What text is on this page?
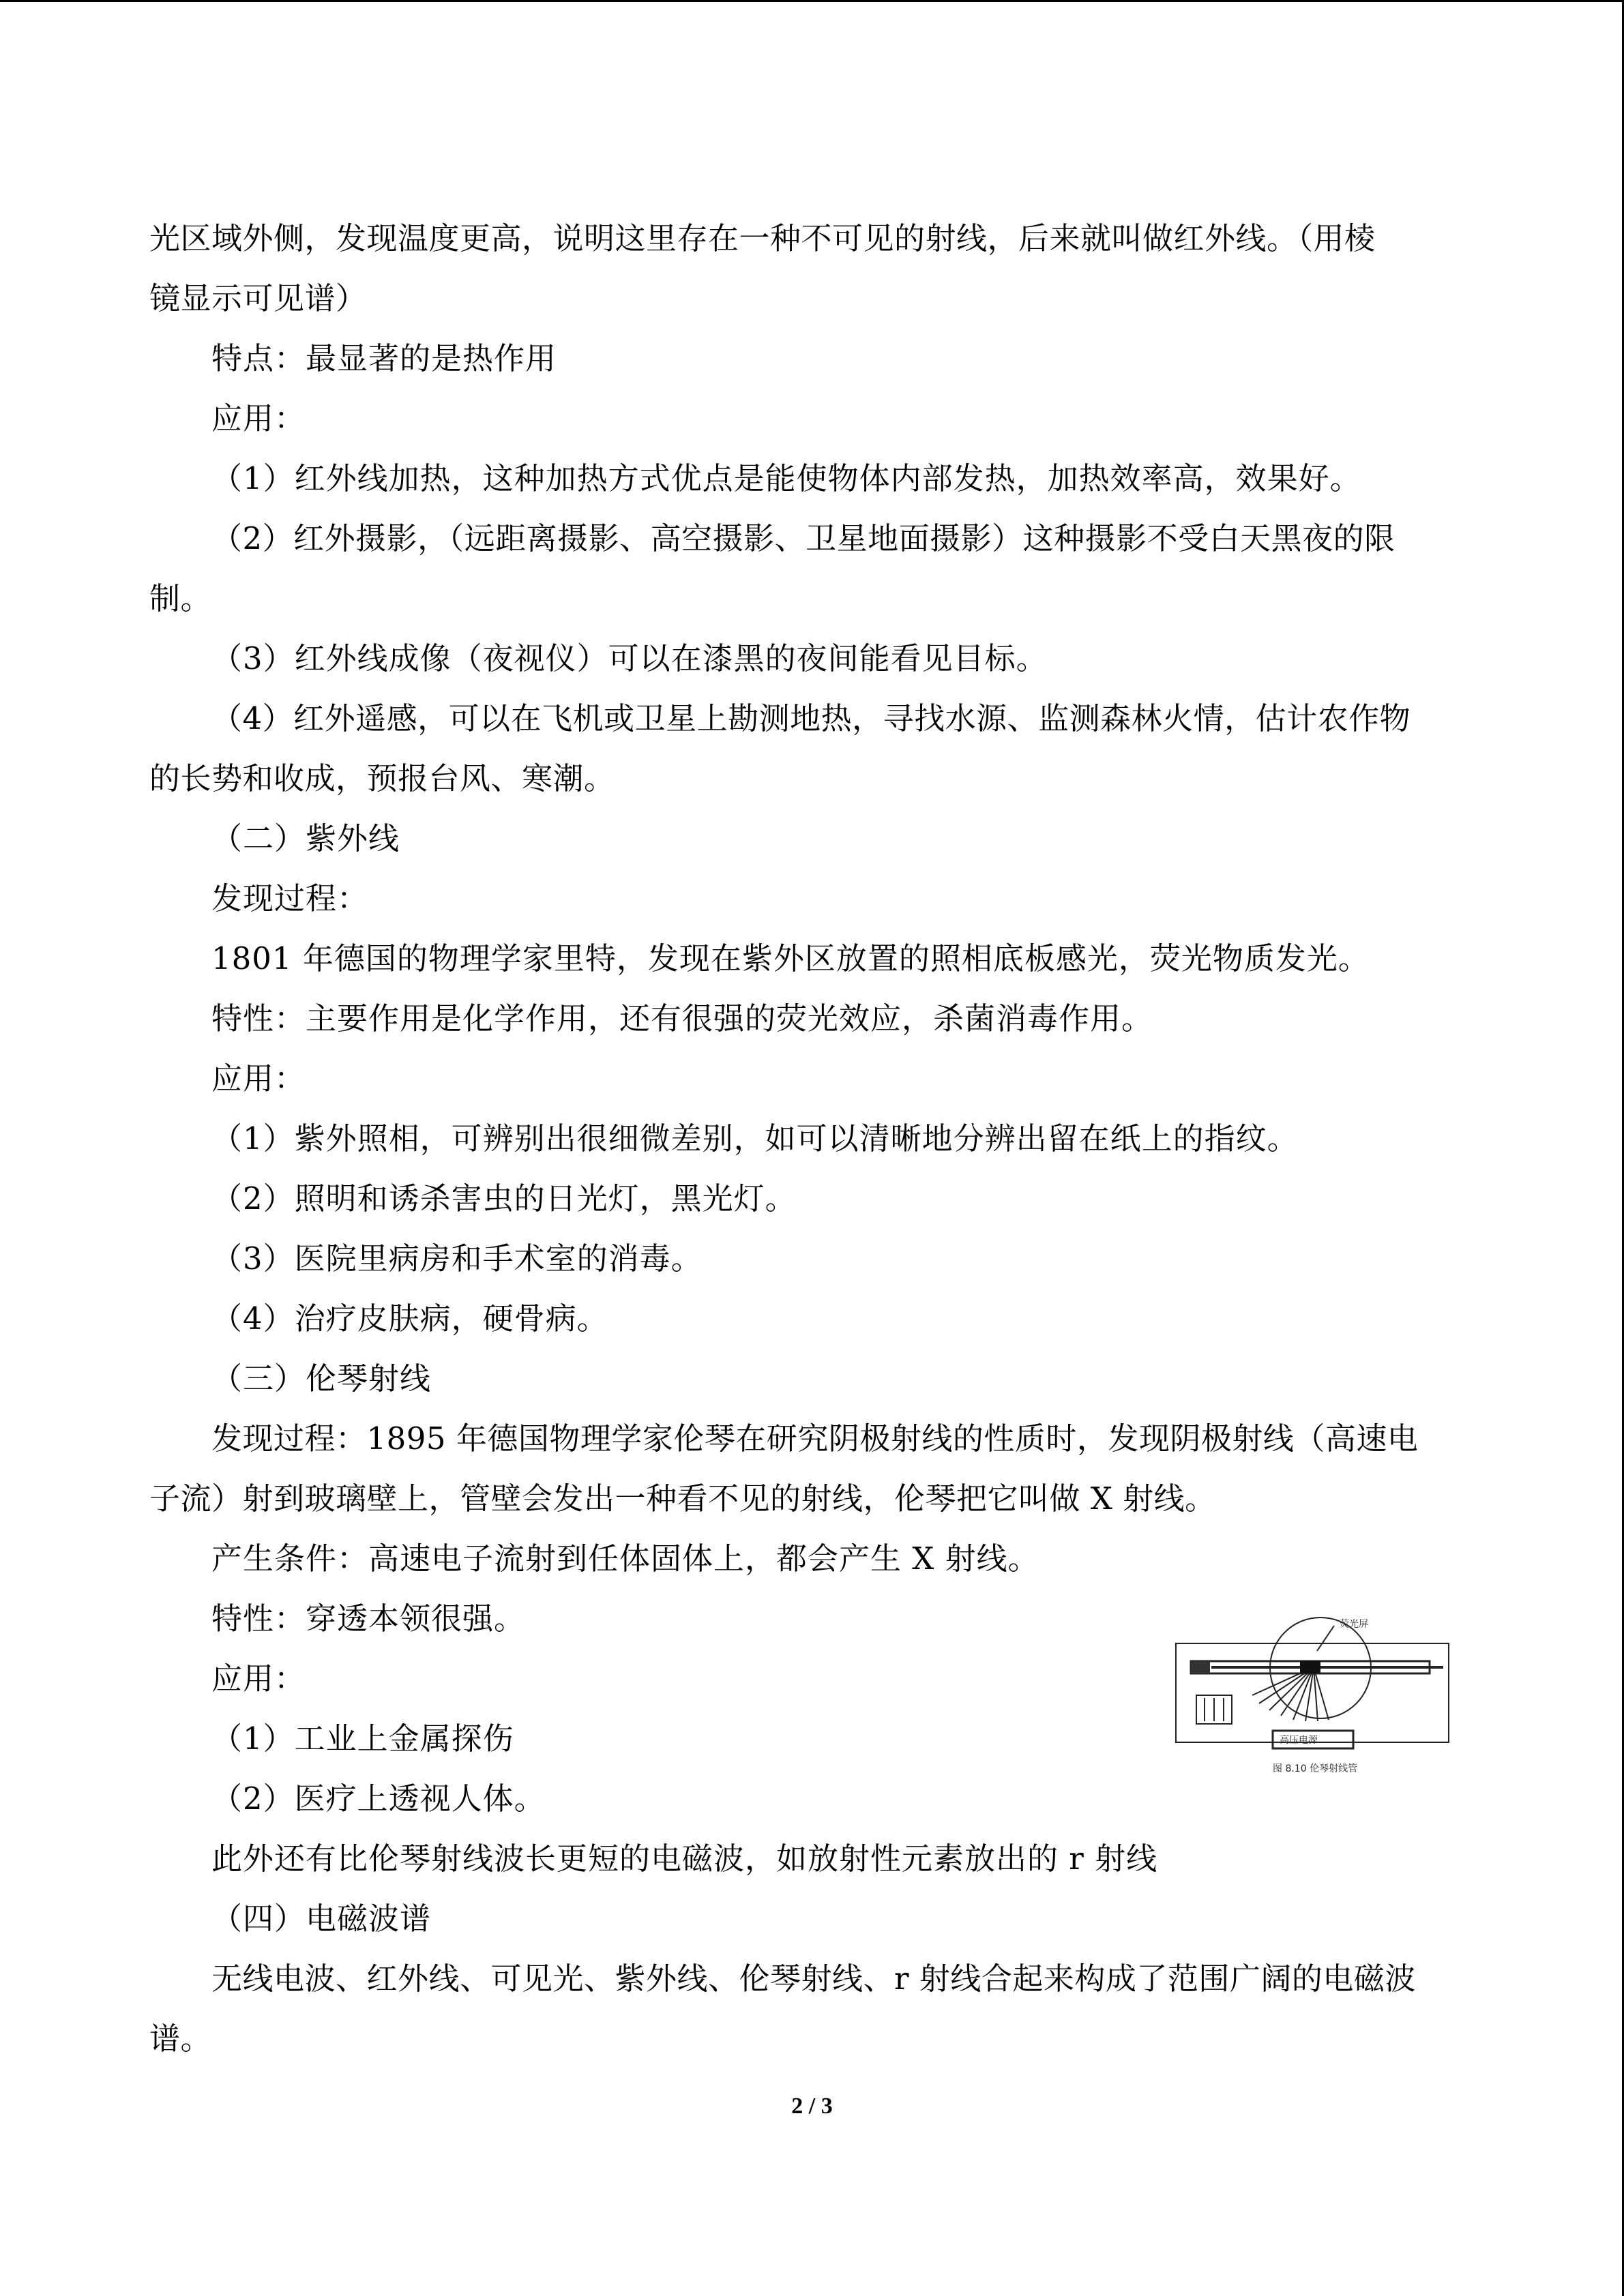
光区域外侧，发现温度更高，说明这里存在一种不可见的射线，后来就叫做红外线。（用棱
镜显示可见谱）

特点：最显著的是热作用

应用：

（1）红外线加热，这种加热方式优点是能使物体内部发热，加热效率高，效果好。

（2）红外摄影，（远距离摄影、高空摄影、卫星地面摄影）这种摄影不受白天黑夜的限
制。

（3）红外线成像（夜视仪）可以在漆黑的夜间能看见目标。

（4）红外遥感，可以在飞机或卫星上勘测地热，寻找水源、监测森林火情，估计农作物
的长势和收成，预报台风、寒潮。

（二）紫外线

发现过程：

1801 年德国的物理学家里特，发现在紫外区放置的照相底板感光，荧光物质发光。

特性：主要作用是化学作用，还有很强的荧光效应，杀菌消毒作用。

应用：

（1）紫外照相，可辨别出很细微差别，如可以清晰地分辨出留在纸上的指纹。

（2）照明和诱杀害虫的日光灯，黑光灯。

（3）医院里病房和手术室的消毒。

（4）治疗皮肤病，硬骨病。

（三）伦琴射线

发现过程：1895 年德国物理学家伦琴在研究阴极射线的性质时，发现阴极射线（高速电
子流）射到玻璃壁上，管壁会发出一种看不见的射线，伦琴把它叫做 X 射线。

产生条件：高速电子流射到任体固体上，都会产生 X 射线。

特性：穿透本领很强。

应用：

（1）工业上金属探伤

（2）医疗上透视人体。

此外还有比伦琴射线波长更短的电磁波，如放射性元素放出的 r 射线

（四）电磁波谱

无线电波、红外线、可见光、紫外线、伦琴射线、r 射线合起来构成了范围广阔的电磁波
谱。

荧光屏
高压电源
图 8.10 伦琴射线管
2 / 3
